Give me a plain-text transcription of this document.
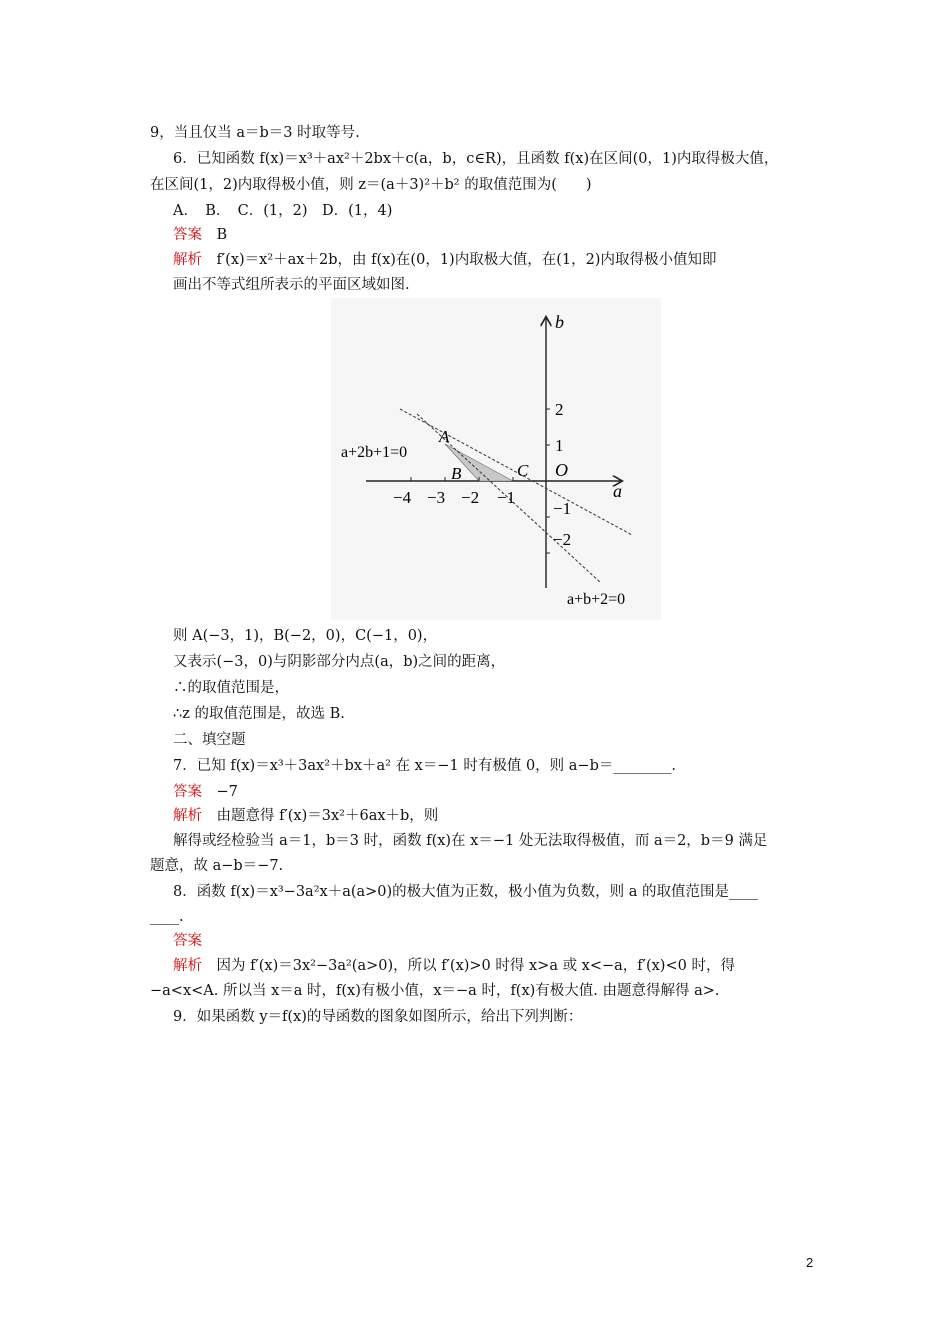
9，当且仅当 a＝b＝3 时取等号.
6．已知函数 f(x)＝x³＋ax²＋2bx＋c(a，b，c∈R)，且函数 f(x)在区间(0，1)内取得极大值，
在区间(1，2)内取得极小值，则 z＝(a＋3)²＋b² 的取值范围为(　　)
A．　B．　C．(1，2)　D．(1，4)
答案　B
解析　f′(x)＝x²＋ax＋2b，由 f(x)在(0，1)内取极大值，在(1，2)内取得极小值知即
画出不等式组所表示的平面区域如图.
b
a
O
−4 −3 −2 −1
2
1
−1
−2
A
B	C
a+2b+1=0
a+b+2=0
则 A(−3，1)，B(−2，0)，C(−1，0)，
又表示(−3，0)与阴影部分内点(a，b)之间的距离，
∴的取值范围是，
∴z 的取值范围是，故选 B.
二、填空题
7．已知 f(x)＝x³＋3ax²＋bx＋a² 在 x＝−1 时有极值 0，则 a−b＝________.
答案　−7
解析　由题意得 f′(x)＝3x²＋6ax＋b，则
解得或经检验当 a＝1，b＝3 时，函数 f(x)在 x＝−1 处无法取得极值，而 a＝2，b＝9 满足
题意，故 a−b＝−7.
8．函数 f(x)＝x³−3a²x＋a(a>0)的极大值为正数，极小值为负数，则 a 的取值范围是____
____.
答案
解析　因为 f′(x)＝3x²−3a²(a>0)，所以 f′(x)>0 时得 x>a 或 x<−a，f′(x)<0 时，得
−a<x<A. 所以当 x＝a 时，f(x)有极小值，x＝−a 时，f(x)有极大值. 由题意得解得 a>.
9．如果函数 y＝f(x)的导函数的图象如图所示，给出下列判断：
2
